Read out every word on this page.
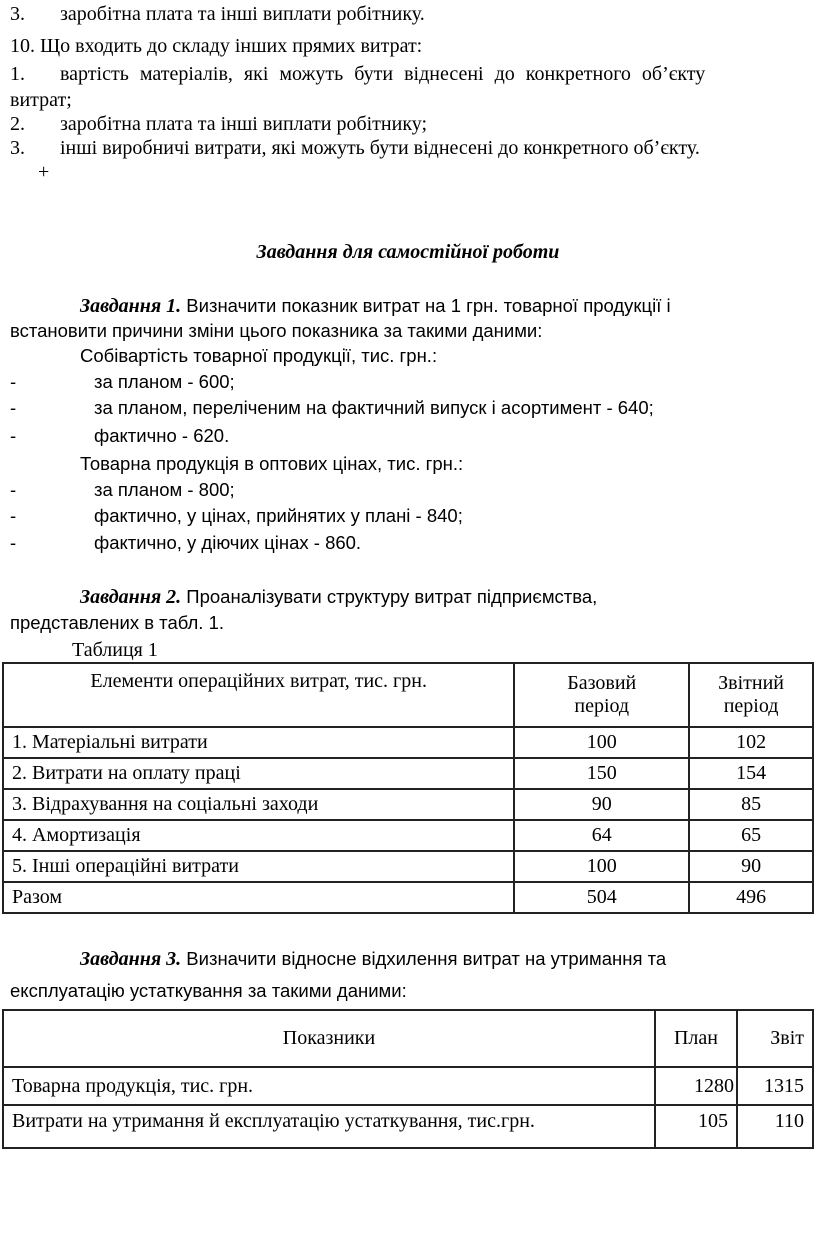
3. заробітна плата та інші виплати робітнику.
10. Що входить до складу інших прямих витрат:
1. вартість матеріалів, які можуть бути віднесені до конкретного об’єкту
витрат;
2. заробітна плата та інші виплати робітнику;
3. інші виробничі витрати, які можуть бути віднесені до конкретного об’єкту.
+
Завдання для самостійної роботи
Завдання 1. Визначити показник витрат на 1 грн. товарної продукції і
встановити причини зміни цього показника за такими даними:
Собівартість товарної продукції, тис. грн.:
-	за планом - 600;
-	за планом, переліченим на фактичний випуск і асортимент - 640;
-	фактично - 620.
Товарна продукція в оптових цінах, тис. грн.:
-	за планом - 800;
-	фактично, у цінах, прийнятих у плані - 840;
-	фактично, у діючих цінах - 860.
Завдання 2. Проаналізувати структуру витрат підприємства,
представлених в табл. 1.
Таблиця 1
Елементи операційних витрат, тис. грн.	Базовий період	Звітний період
1. Матеріальні витрати	100	102
2. Витрати на оплату праці	150	154
3. Відрахування на соціальні заходи	90	85
4. Амортизація	64	65
5. Інші операційні витрати	100	90
Разом	504	496
Завдання 3. Визначити відносне відхилення витрат на утримання та
експлуатацію устаткування за такими даними:
Показники	План	Звіт
Товарна продукція, тис. грн.	1280	1315
Витрати на утримання й експлуатацію устаткування, тис.грн.	105	110
